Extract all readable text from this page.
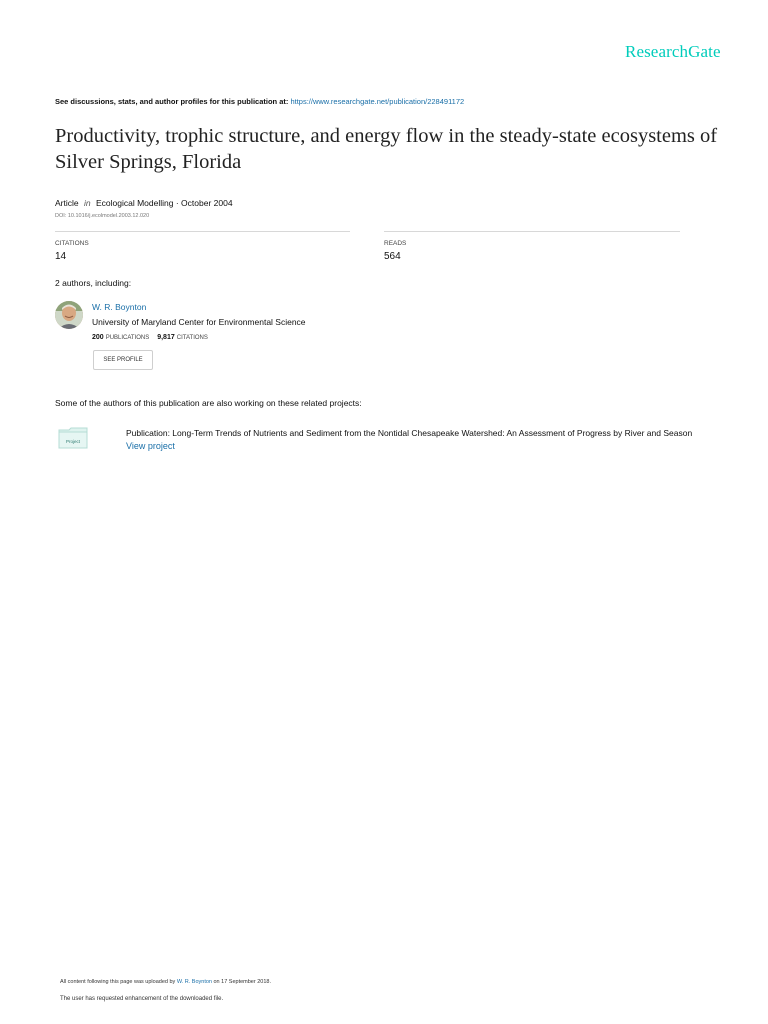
ResearchGate
See discussions, stats, and author profiles for this publication at: https://www.researchgate.net/publication/228491172
Productivity, trophic structure, and energy flow in the steady-state ecosystems of Silver Springs, Florida
Article in Ecological Modelling · October 2004
DOI: 10.1016/j.ecolmodel.2003.12.020
CITATIONS
14
READS
564
2 authors, including:
W. R. Boynton
University of Maryland Center for Environmental Science
200 PUBLICATIONS 9,817 CITATIONS
SEE PROFILE
Some of the authors of this publication are also working on these related projects:
Project
Publication: Long-Term Trends of Nutrients and Sediment from the Nontidal Chesapeake Watershed: An Assessment of Progress by River and Season
View project
All content following this page was uploaded by W. R. Boynton on 17 September 2018.
The user has requested enhancement of the downloaded file.
